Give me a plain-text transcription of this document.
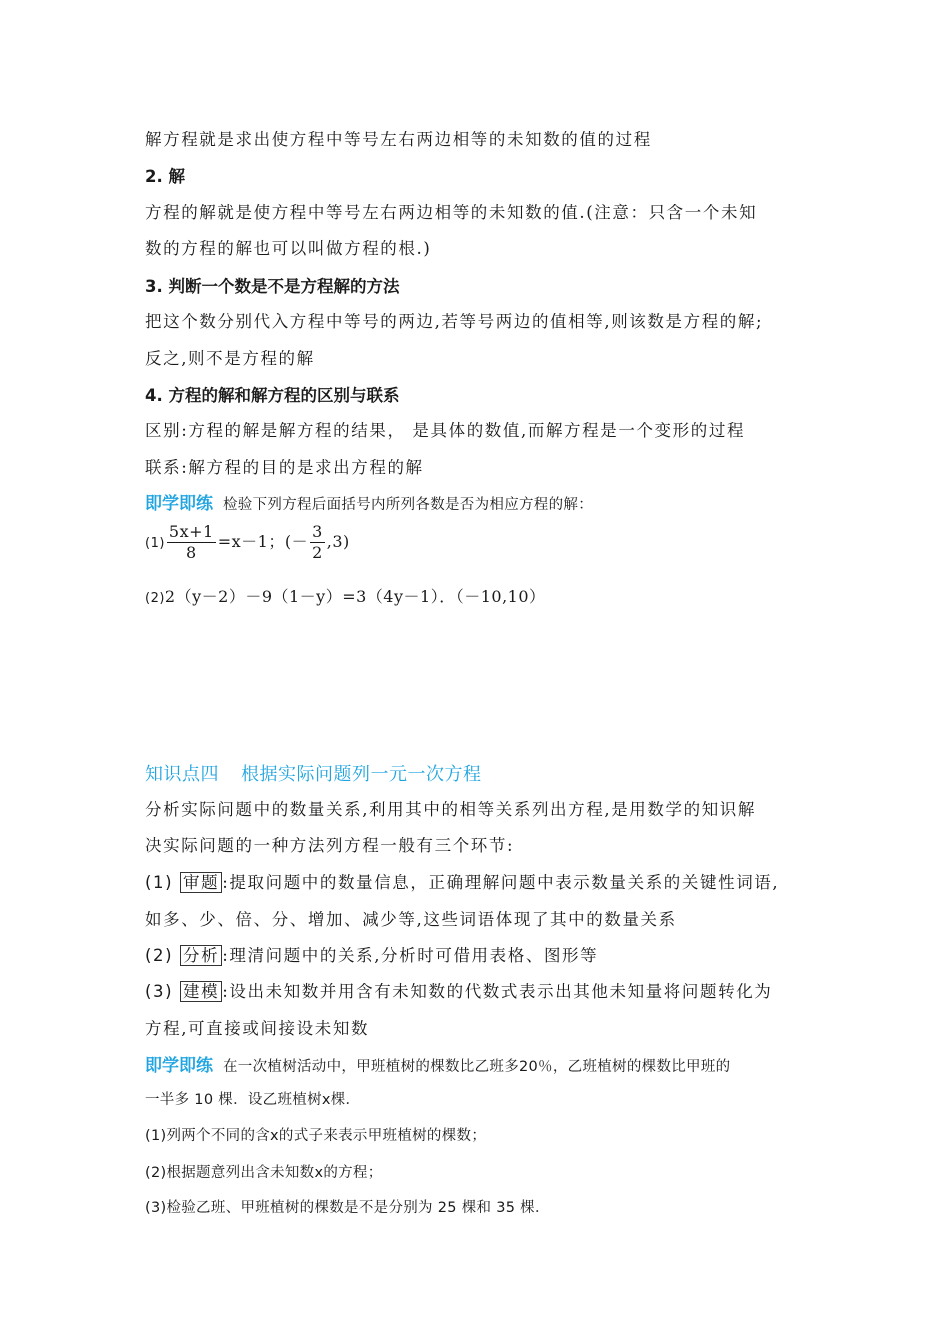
解方程就是求出使方程中等号左右两边相等的未知数的值的过程
2. 解
方程的解就是使方程中等号左右两边相等的未知数的值.(注意：只含一个未知
数的方程的解也可以叫做方程的根.)
3. 判断一个数是不是方程解的方法
把这个数分别代入方程中等号的两边,若等号两边的值相等,则该数是方程的解;
反之,则不是方程的解
4. 方程的解和解方程的区别与联系
区别:方程的解是解方程的结果， 是具体的数值,而解方程是一个变形的过程
联系:解方程的目的是求出方程的解
即学即练 检验下列方程后面括号内所列各数是否为相应方程的解：
$(1) \frac{5x+1}{8} =x-1$；(－ $\frac{3}{2} ,3$)
(2)2（y－2）－9（1－y）=3（4y－1）．（－10,10）
知识点四 根据实际问题列一元一次方程
分析实际问题中的数量关系,利用其中的相等关系列出方程,是用数学的知识解
决实际问题的一种方法列方程一般有三个环节:
(1) 审题 :提取问题中的数量信息，正确理解问题中表示数量关系的关键性词语,
如多、少、倍、分、增加、减少等,这些词语体现了其中的数量关系
(2) 分析 :理清问题中的关系,分析时可借用表格、图形等
(3) 建模 :设出未知数并用含有未知数的代数式表示出其他未知量将问题转化为
方程,可直接或间接设未知数
即学即练 在一次植树活动中，甲班植树的棵数比乙班多20％，乙班植树的棵数比甲班的
一半多 10 棵．设乙班植树x棵．
(1)列两个不同的含x的式子来表示甲班植树的棵数；
(2)根据题意列出含未知数x的方程；
(3)检验乙班、甲班植树的棵数是不是分别为 25 棵和 35 棵．
